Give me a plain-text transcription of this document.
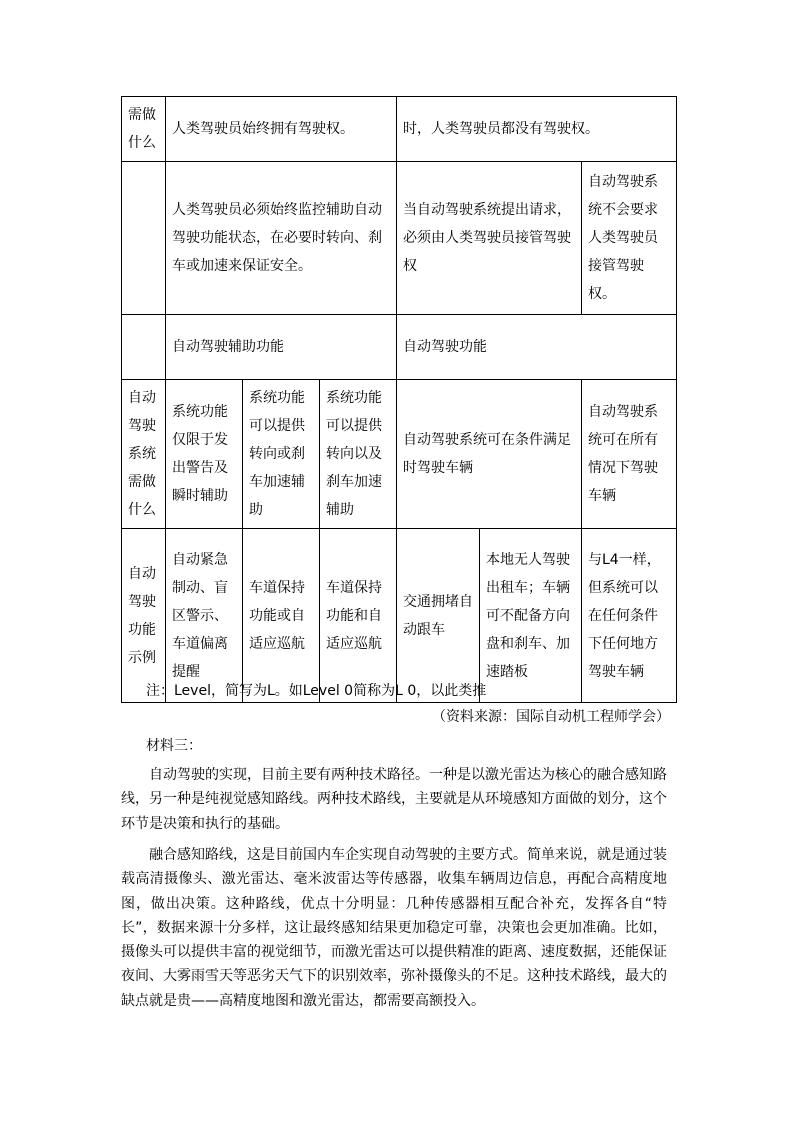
需做什么	人类驾驶员始终拥有驾驶权。			时，人类驾驶员都没有驾驶权。		
	人类驾驶员必须始终监控辅助自动驾驶功能状态，在必要时转向、刹车或加速来保证安全。			当自动驾驶系统提出请求，必须由人类驾驶员接管驾驶权		自动驾驶系统不会要求人类驾驶员接管驾驶权。
	自动驾驶辅助功能			自动驾驶功能		
自动驾驶系统需做什么	系统功能仅限于发出警告及瞬时辅助	系统功能可以提供转向或刹车加速辅助	系统功能可以提供转向以及刹车加速辅助	自动驾驶系统可在条件满足时驾驶车辆		自动驾驶系统可在所有情况下驾驶车辆
自动驾驶功能示例	自动紧急制动、盲区警示、车道偏离提醒	车道保持功能或自适应巡航	车道保持功能和自适应巡航	交通拥堵自动跟车	本地无人驾驶出租车；车辆可不配备方向盘和刹车、加速踏板	与L4一样，但系统可以在任何条件下任何地方驾驶车辆
注：Level，简写为L。如Level 0简称为L 0，以此类推
（资料来源：国际自动机工程师学会）
材料三：

自动驾驶的实现，目前主要有两种技术路径。一种是以激光雷达为核心的融合感知路线，另一种是纯视觉感知路线。两种技术路线，主要就是从环境感知方面做的划分，这个环节是决策和执行的基础。

融合感知路线，这是目前国内车企实现自动驾驶的主要方式。简单来说，就是通过装载高清摄像头、激光雷达、毫米波雷达等传感器，收集车辆周边信息，再配合高精度地图，做出决策。这种路线，优点十分明显：几种传感器相互配合补充，发挥各自“特长”，数据来源十分多样，这让最终感知结果更加稳定可靠，决策也会更加准确。比如，摄像头可以提供丰富的视觉细节，而激光雷达可以提供精准的距离、速度数据，还能保证夜间、大雾雨雪天等恶劣天气下的识别效率，弥补摄像头的不足。这种技术路线，最大的缺点就是贵——高精度地图和激光雷达，都需要高额投入。
